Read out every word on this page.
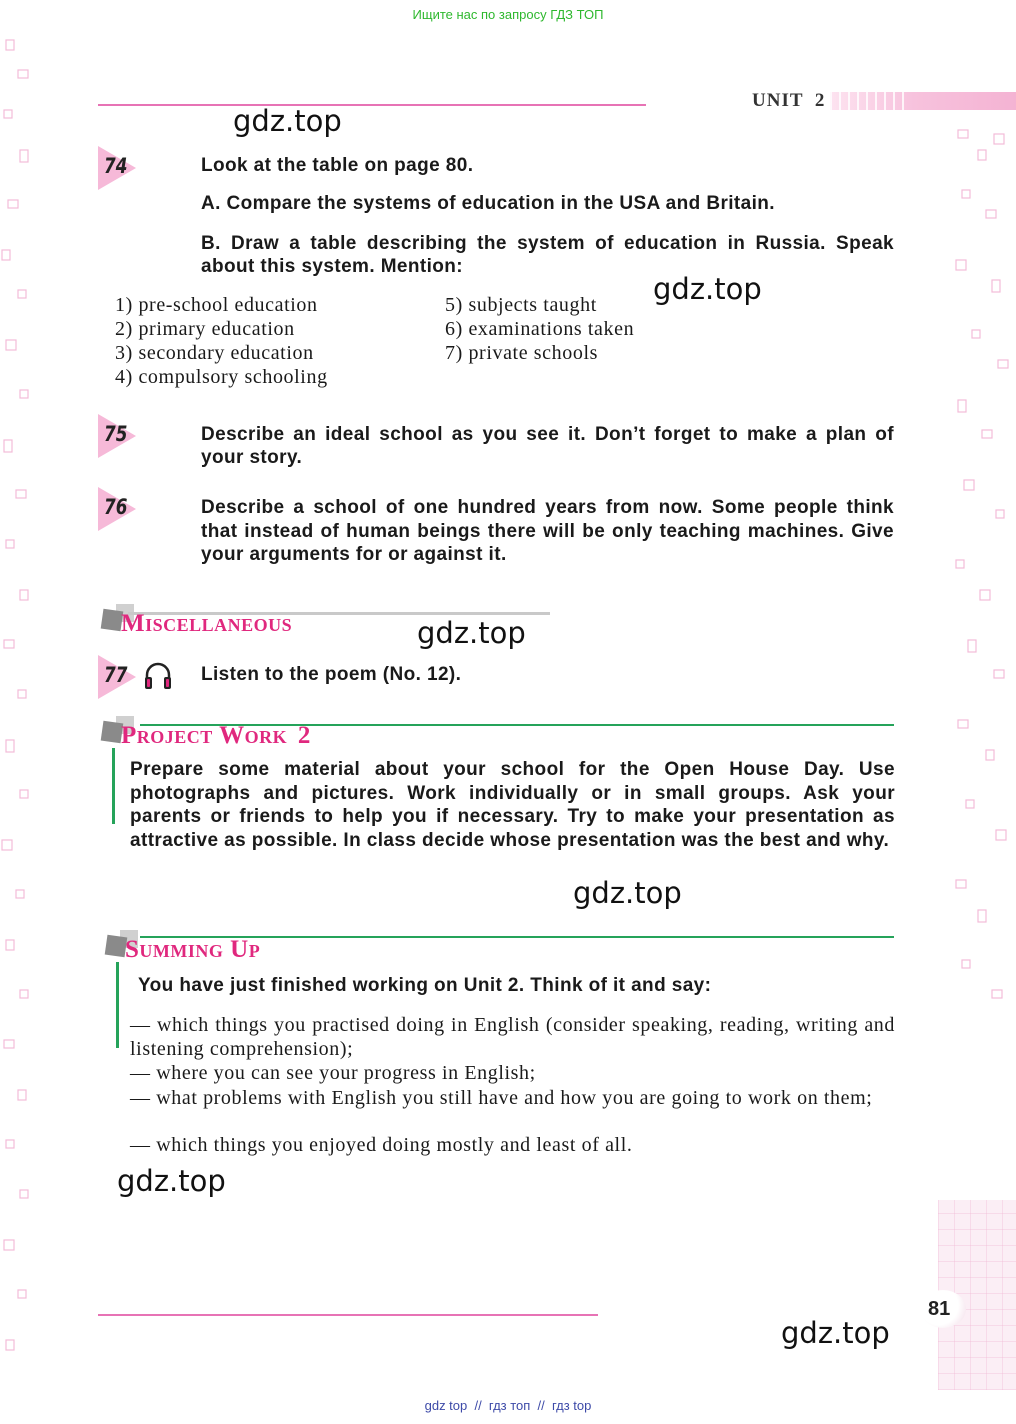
Ищите нас по запросу ГДЗ ТОП
UNIT 2
gdz.top
74	Look at the table on page 80.
A. Compare the systems of education in the USA and Britain.
B. Draw a table describing the system of education in Russia. Speak about this system. Mention:
gdz.top
1) pre-school education
2) primary education
3) secondary education
4) compulsory schooling
5) subjects taught
6) examinations taken
7) private schools
75	Describe an ideal school as you see it. Don’t forget to make a plan of your story.
76	Describe a school of one hundred years from now. Some people think that instead of human beings there will be only teaching machines. Give your arguments for or against it.
Miscellaneous	gdz.top
77	Listen to the poem (No. 12).
Project Work 2
Prepare some material about your school for the Open House Day. Use photographs and pictures. Work individually or in small groups. Ask your parents or friends to help you if necessary. Try to make your presentation as attractive as possible. In class decide whose presentation was the best and why.
gdz.top
Summing Up
You have just finished working on Unit 2. Think of it and say:
— which things you practised doing in English (consider speaking, reading, writing and listening comprehension);
— where you can see your progress in English;
— what problems with English you still have and how you are going to work on them;
— which things you enjoyed doing mostly and least of all.
gdz.top
81
gdz.top
gdz top  //  гдз топ  //  гдз top
